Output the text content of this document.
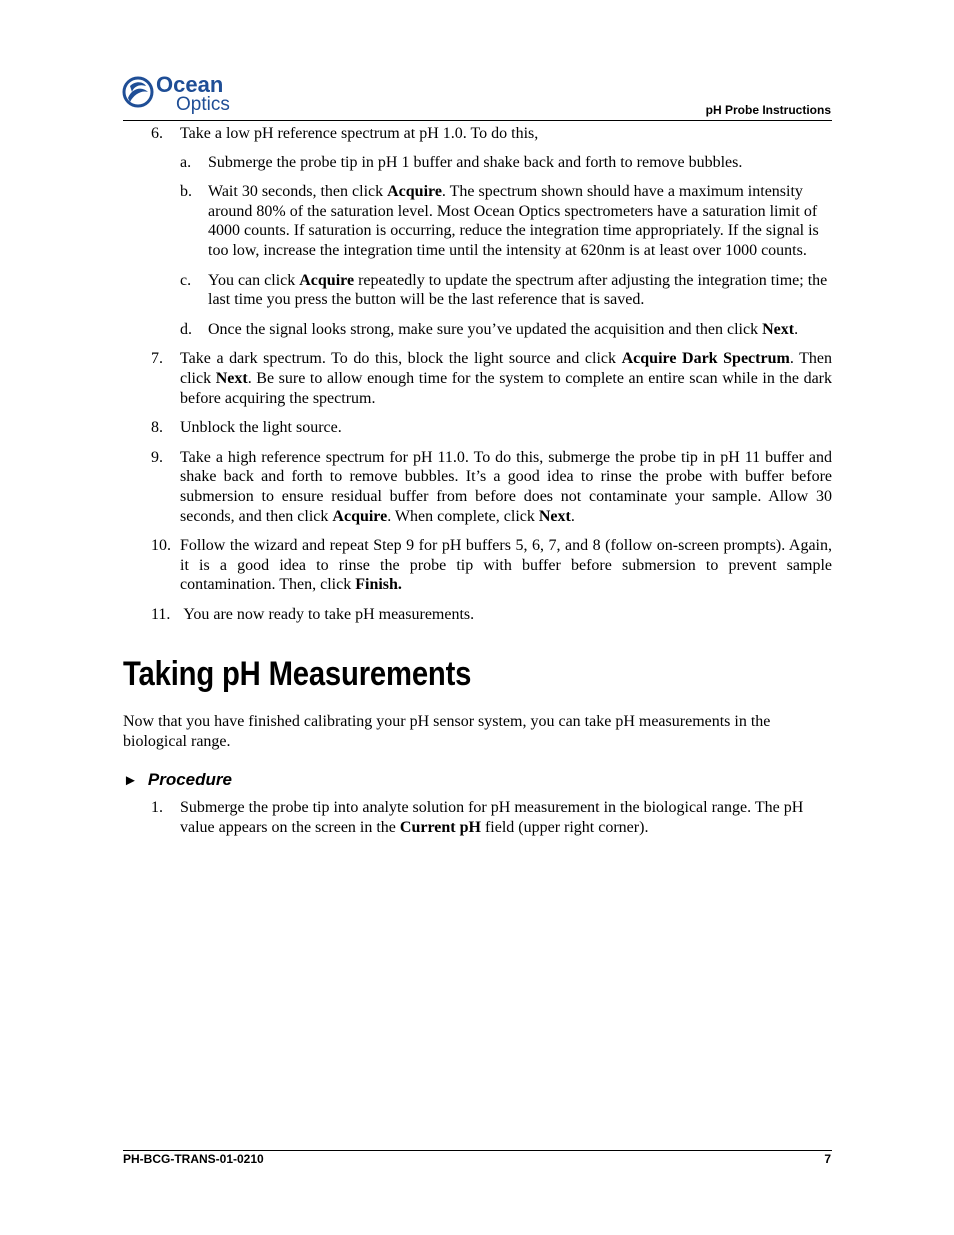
Ocean
Optics	pH Probe Instructions
6. Take a low pH reference spectrum at pH 1.0. To do this,
a. Submerge the probe tip in pH 1 buffer and shake back and forth to remove bubbles.
b. Wait 30 seconds, then click Acquire. The spectrum shown should have a maximum intensity around 80% of the saturation level. Most Ocean Optics spectrometers have a saturation limit of 4000 counts. If saturation is occurring, reduce the integration time appropriately. If the signal is too low, increase the integration time until the intensity at 620nm is at least over 1000 counts.
c. You can click Acquire repeatedly to update the spectrum after adjusting the integration time; the last time you press the button will be the last reference that is saved.
d. Once the signal looks strong, make sure you’ve updated the acquisition and then click Next.
7. Take a dark spectrum. To do this, block the light source and click Acquire Dark Spectrum. Then click Next. Be sure to allow enough time for the system to complete an entire scan while in the dark before acquiring the spectrum.
8. Unblock the light source.
9. Take a high reference spectrum for pH 11.0. To do this, submerge the probe tip in pH 11 buffer and shake back and forth to remove bubbles. It’s a good idea to rinse the probe with buffer before submersion to ensure residual buffer from before does not contaminate your sample. Allow 30 seconds, and then click Acquire. When complete, click Next.
10. Follow the wizard and repeat Step 9 for pH buffers 5, 6, 7, and 8 (follow on-screen prompts). Again, it is a good idea to rinse the probe tip with buffer before submersion to prevent sample contamination. Then, click Finish.
11. You are now ready to take pH measurements.
Taking pH Measurements

Now that you have finished calibrating your pH sensor system, you can take pH measurements in the biological range.

► Procedure

1. Submerge the probe tip into analyte solution for pH measurement in the biological range. The pH value appears on the screen in the Current pH field (upper right corner).
PH-BCG-TRANS-01-0210	7
